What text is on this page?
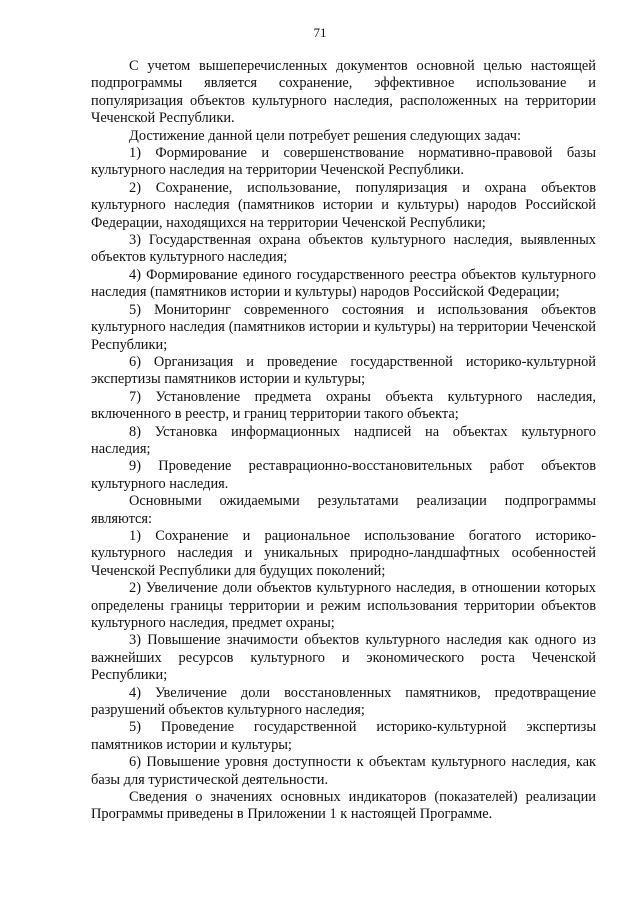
71

С учетом вышеперечисленных документов основной целью настоящей подпрограммы является сохранение, эффективное использование и популяризация объектов культурного наследия, расположенных на территории Чеченской Республики.

Достижение данной цели потребует решения следующих задач:

1) Формирование и совершенствование нормативно-правовой базы культурного наследия на территории Чеченской Республики.

2) Сохранение, использование, популяризация и охрана объектов культурного наследия (памятников истории и культуры) народов Российской Федерации, находящихся на территории Чеченской Республики;

3) Государственная охрана объектов культурного наследия, выявленных объектов культурного наследия;

4) Формирование единого государственного реестра объектов культурного наследия (памятников истории и культуры) народов Российской Федерации;

5) Мониторинг современного состояния и использования объектов культурного наследия (памятников истории и культуры) на территории Чеченской Республики;

6) Организация и проведение государственной историко-культурной экспертизы памятников истории и культуры;

7) Установление предмета охраны объекта культурного наследия, включенного в реестр, и границ территории такого объекта;

8) Установка информационных надписей на объектах культурного наследия;

9) Проведение реставрационно-восстановительных работ объектов культурного наследия.

Основными ожидаемыми результатами реализации подпрограммы являются:

1) Сохранение и рациональное использование богатого историко-культурного наследия и уникальных природно-ландшафтных особенностей Чеченской Республики для будущих поколений;

2) Увеличение доли объектов культурного наследия, в отношении которых определены границы территории и режим использования территории объектов культурного наследия, предмет охраны;

3) Повышение значимости объектов культурного наследия как одного из важнейших ресурсов культурного и экономического роста Чеченской Республики;

4) Увеличение доли восстановленных памятников, предотвращение разрушений объектов культурного наследия;

5) Проведение государственной историко-культурной экспертизы памятников истории и культуры;

6) Повышение уровня доступности к объектам культурного наследия, как базы для туристической деятельности.

Сведения о значениях основных индикаторов (показателей) реализации Программы приведены в Приложении 1 к настоящей Программе.
